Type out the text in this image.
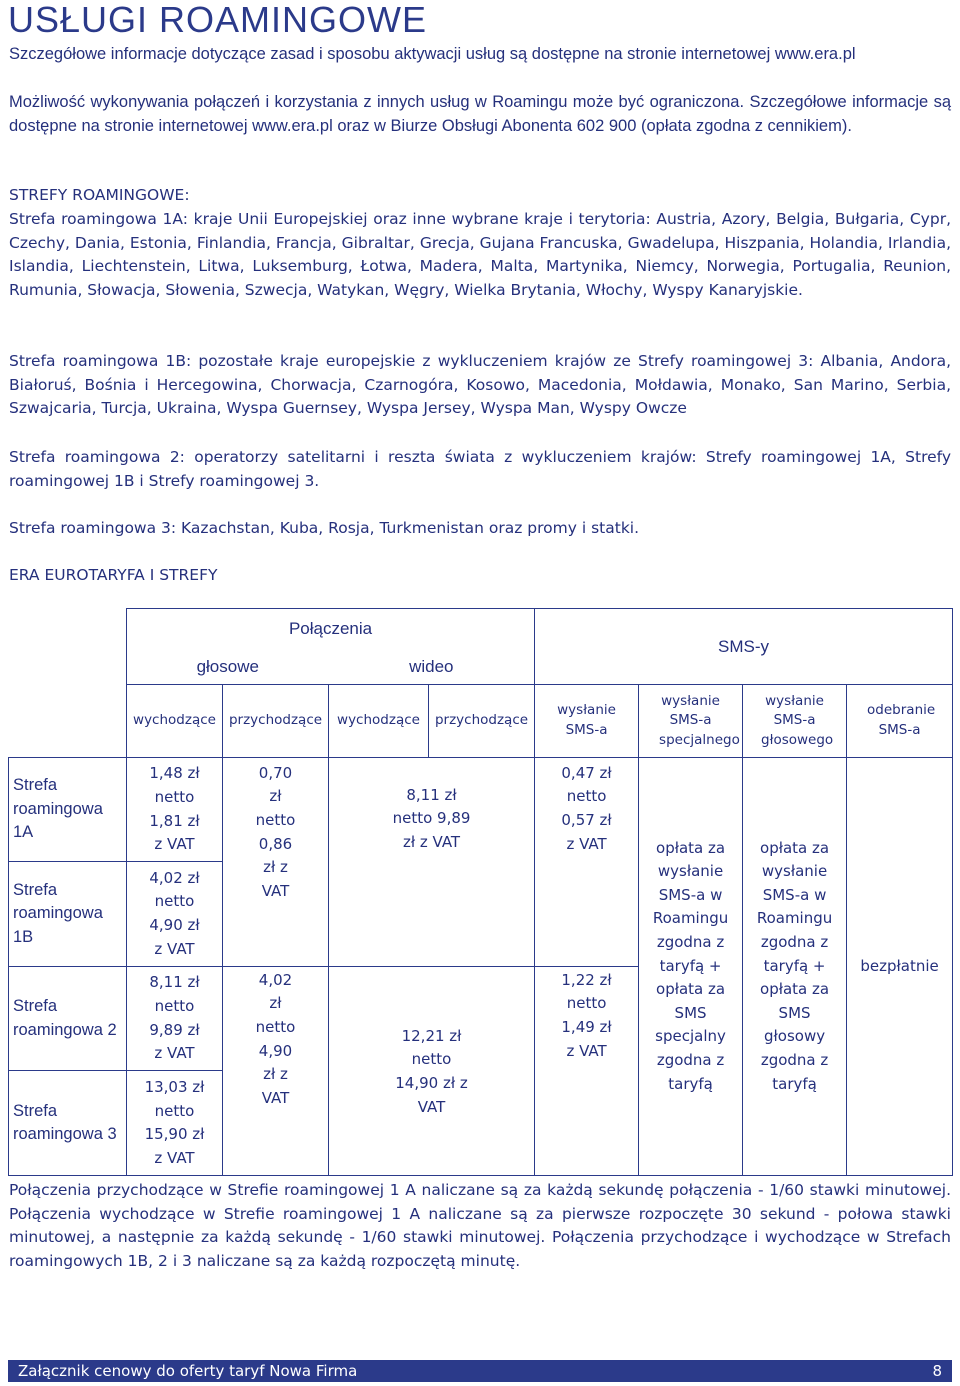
USŁUGI ROAMINGOWE

Szczegółowe informacje dotyczące zasad i sposobu aktywacji usług są dostępne na stronie internetowej www.era.pl

Możliwość wykonywania połączeń i korzystania z innych usług w Roamingu może być ograniczona. Szczegółowe informacje są dostępne na stronie internetowej www.era.pl oraz w Biurze Obsługi Abonenta 602 900 (opłata zgodna z cennikiem).

STREFY ROAMINGOWE:

Strefa roamingowa 1A: kraje Unii Europejskiej oraz inne wybrane kraje i terytoria: Austria, Azory, Belgia, Bułgaria, Cypr, Czechy, Dania, Estonia, Finlandia, Francja, Gibraltar, Grecja, Gujana Francuska, Gwadelupa, Hiszpania, Holandia, Irlandia, Islandia, Liechtenstein, Litwa, Luksemburg, Łotwa, Madera, Malta, Martynika, Niemcy, Norwegia, Portugalia, Reunion, Rumunia, Słowacja, Słowenia, Szwecja, Watykan, Węgry, Wielka Brytania, Włochy, Wyspy Kanaryjskie.

Strefa roamingowa 1B: pozostałe kraje europejskie z wykluczeniem krajów ze Strefy roamingowej 3: Albania, Andora, Białoruś, Bośnia i Hercegowina, Chorwacja, Czarnogóra, Kosowo, Macedonia, Mołdawia, Monako, San Marino, Serbia, Szwajcaria, Turcja, Ukraina, Wyspa Guernsey, Wyspa Jersey, Wyspa Man, Wyspy Owcze

Strefa roamingowa 2: operatorzy satelitarni i reszta świata z wykluczeniem krajów: Strefy roamingowej 1A, Strefy roamingowej 1B i Strefy roamingowej 3.

Strefa roamingowa 3: Kazachstan, Kuba, Rosja, Turkmenistan oraz promy i statki.

ERA EUROTARYFA I STREFY

	Połączenia				SMS-y			
	głosowe		wideo					
	wychodzące	przychodzące	wychodzące	przychodzące	wysłanie SMS-a	wysłanie SMS-a specjalnego	wysłanie SMS-a głosowego	odebranie SMS-a
Strefa roamingowa 1A	1,48 zł netto 1,81 zł z VAT	0,70 zł netto 0,86 zł z VAT	8,11 zł netto 9,89 zł z VAT		0,47 zł netto 0,57 zł z VAT	opłata za wysłanie SMS-a w Roamingu zgodna z taryfą + opłata za SMS specjalny zgodna z taryfą	opłata za wysłanie SMS-a w Roamingu zgodna z taryfą + opłata za SMS głosowy zgodna z taryfą	bezpłatnie
Strefa roamingowa 1B	4,02 zł netto 4,90 zł z VAT							
Strefa roamingowa 2	8,11 zł netto 9,89 zł z VAT	4,02 zł netto 4,90 zł z VAT	12,21 zł netto 14,90 zł z VAT		1,22 zł netto 1,49 zł z VAT			
Strefa roamingowa 3	13,03 zł netto 15,90 zł z VAT							

Połączenia przychodzące w Strefie roamingowej 1 A naliczane są za każdą sekundę połączenia - 1/60 stawki minutowej. Połączenia wychodzące w Strefie roamingowej 1 A naliczane są za pierwsze rozpoczęte 30 sekund - połowa stawki minutowej, a następnie za każdą sekundę - 1/60 stawki minutowej. Połączenia przychodzące i wychodzące w Strefach roamingowych 1B, 2 i 3 naliczane są za każdą rozpoczętą minutę.

Załącznik cenowy do oferty taryf Nowa Firma	8
